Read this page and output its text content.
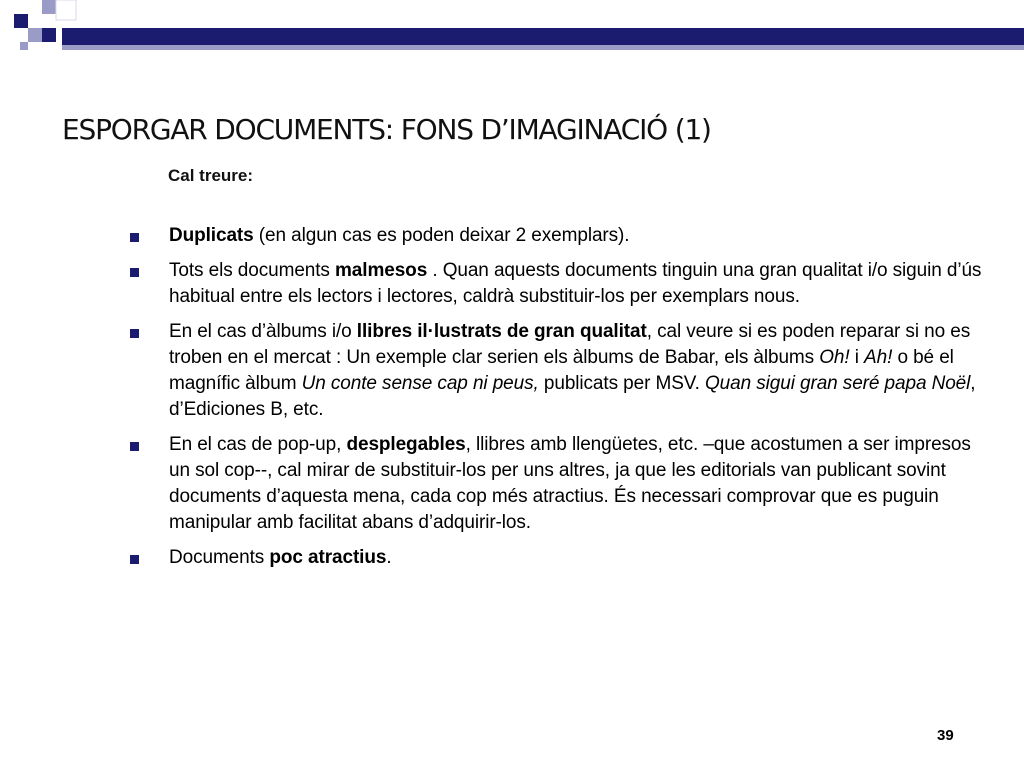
ESPORGAR DOCUMENTS: FONS D’IMAGINACIÓ (1)
Cal treure:
Duplicats (en algun cas es poden deixar 2 exemplars).
Tots els documents malmesos . Quan aquests documents tinguin una gran qualitat i/o siguin d’ús habitual entre els lectors i lectores, caldrà substituir-los per exemplars nous.
En el cas d’àlbums i/o llibres il·lustrats de gran qualitat, cal veure si es poden reparar si no es troben en el mercat : Un exemple clar serien els àlbums de Babar, els àlbums Oh! i Ah! o bé el magnífic àlbum Un conte sense cap ni peus, publicats per MSV. Quan sigui gran seré papa Noël, d’Ediciones B, etc.
En el cas de pop-up, desplegables, llibres amb llengüetes, etc. –que acostumen a ser impresos un sol cop--, cal mirar de substituir-los per uns altres, ja que les editorials van publicant sovint documents d’aquesta mena, cada cop més atractius. És necessari comprovar que es puguin manipular amb facilitat abans d’adquirir-los.
Documents poc atractius.
39
